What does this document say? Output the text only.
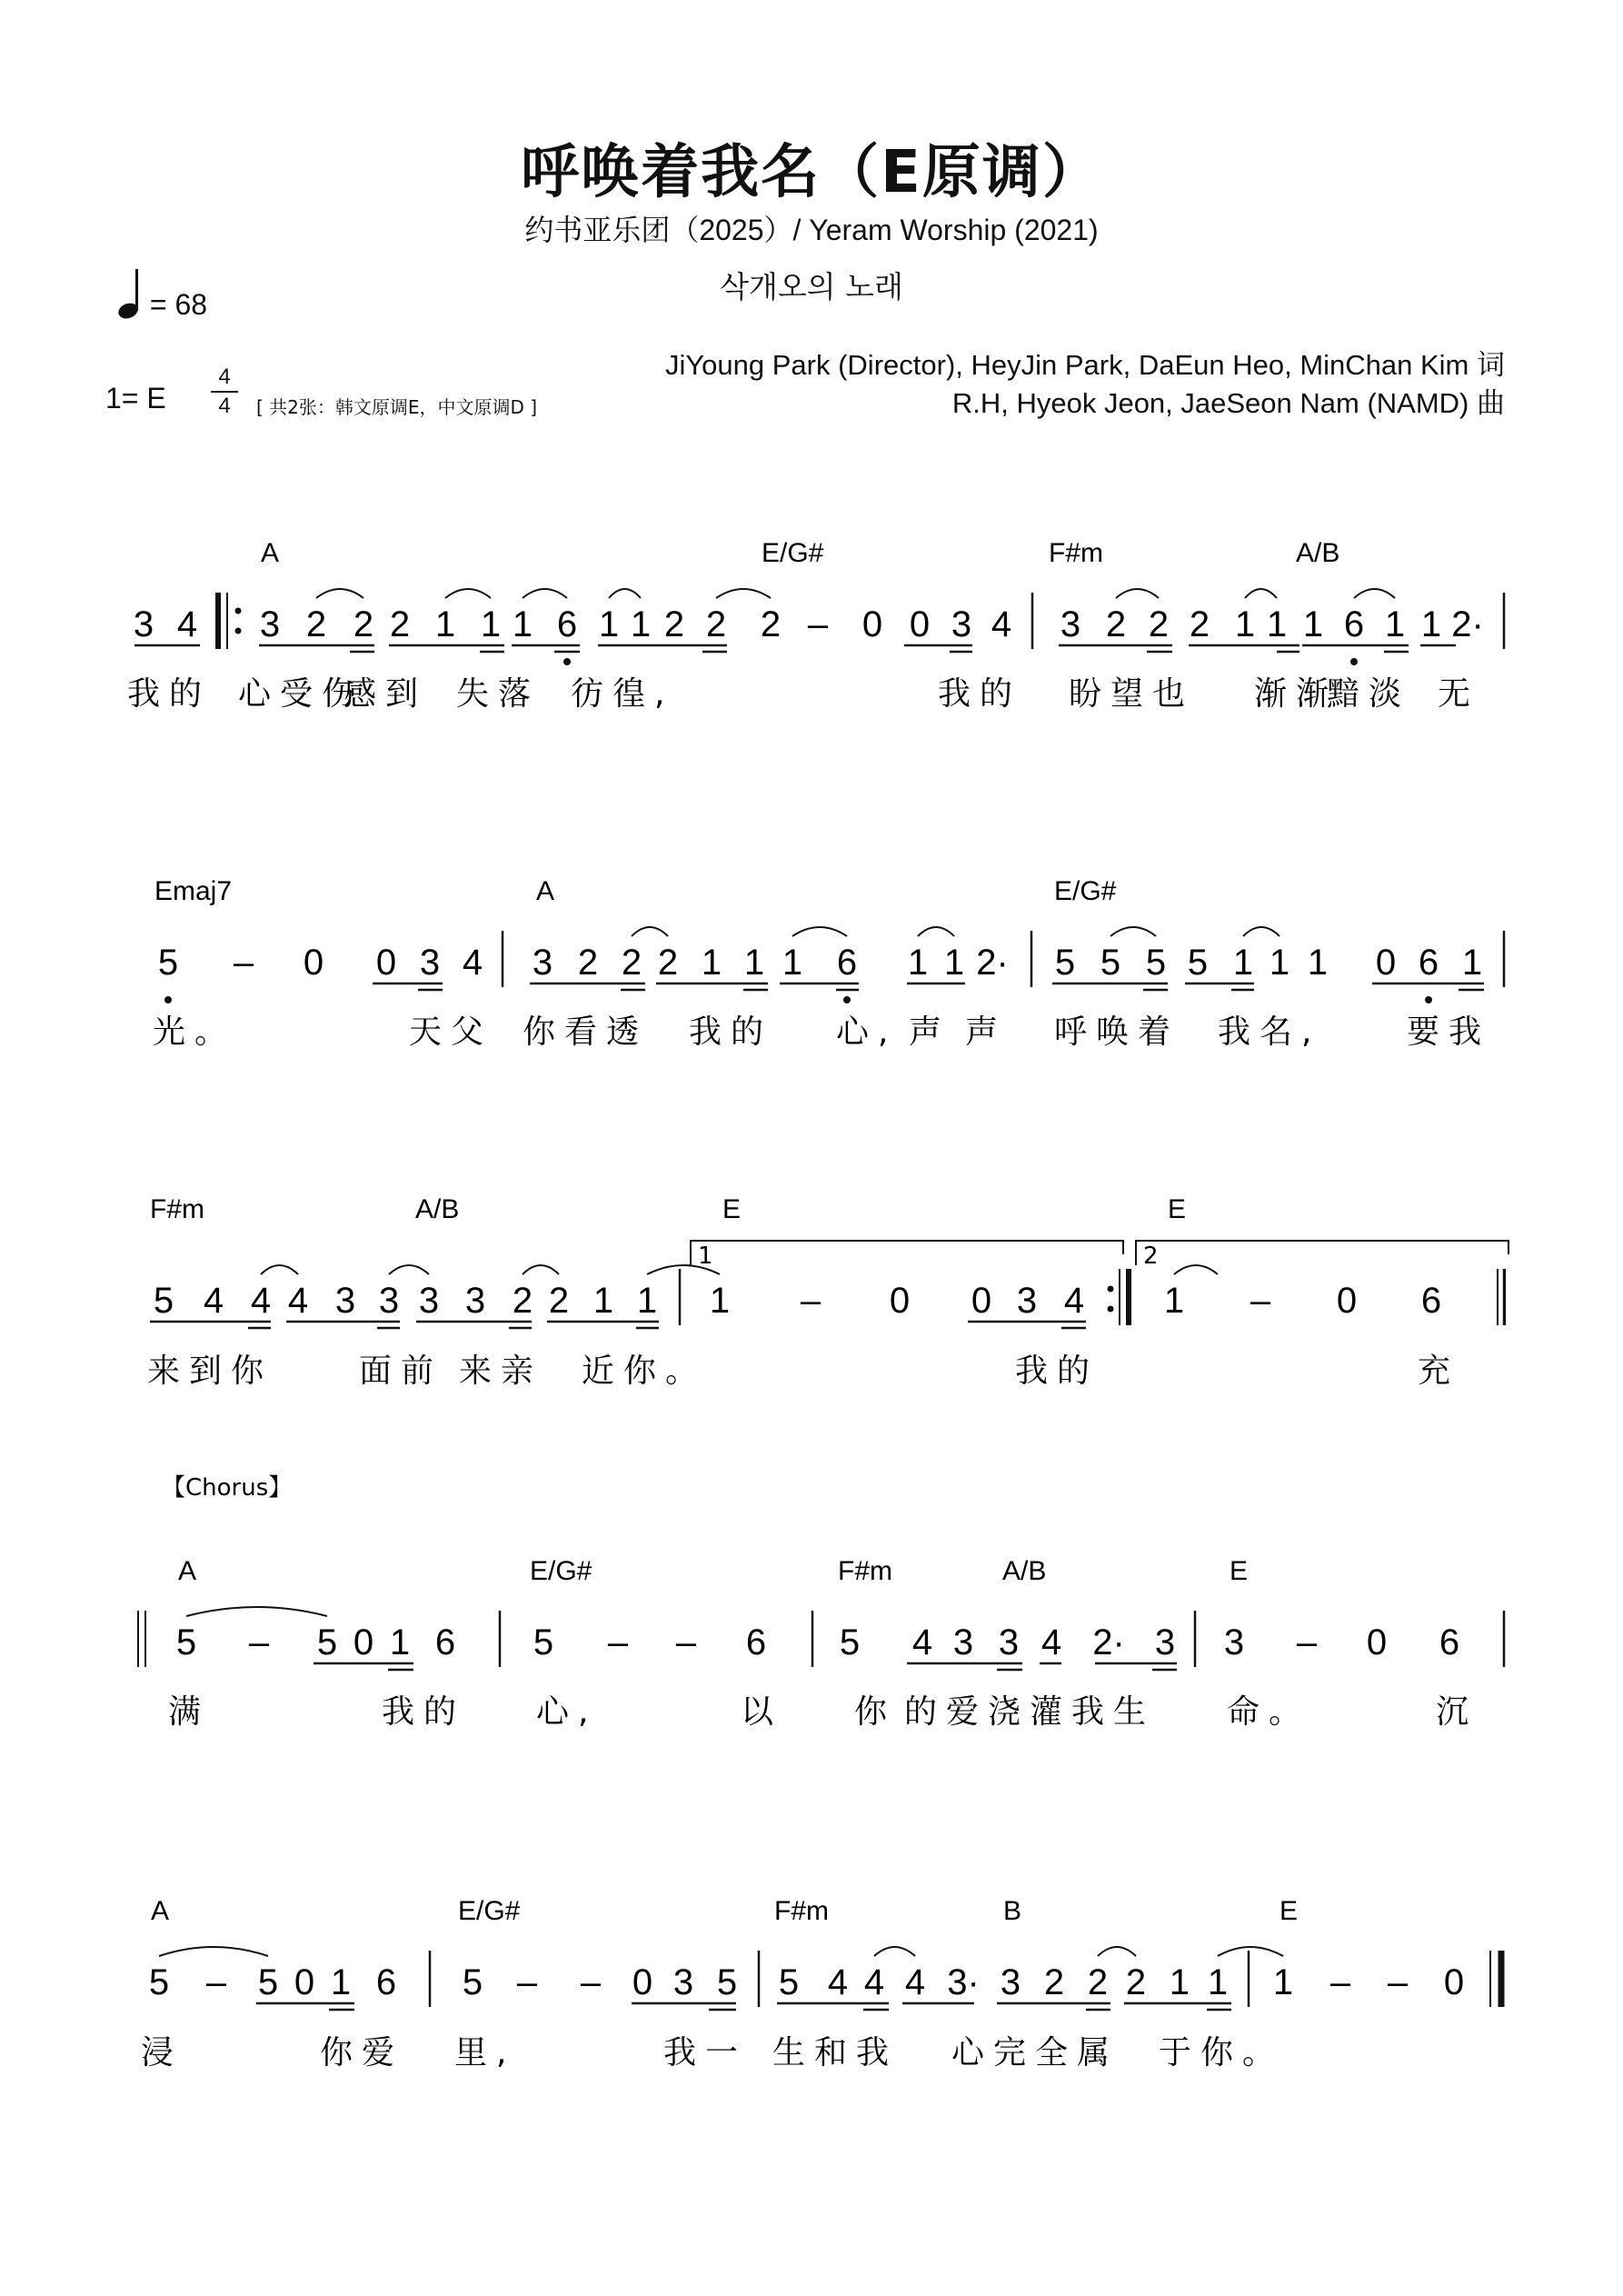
呼唤着我名（E原调）
约书亚乐团（2025）/ Yeram Worship (2021)
삭개오의 노래
= 68
1= E
4
4	[ 共2张：韩文原调E，中文原调D ]
JiYoung Park (Director), HeyJin Park, DaEun Heo, MinChan Kim 词
R.H, Hyeok Jeon, JaeSeon Nam (NAMD) 曲
【Chorus】
1	2
A	E/G#	F#m	A/B
3 4 3 2 2 2 1 1 1 6 1 1 2 2 2 – 0 0 3 4 3 2 2 2 1 1 1 6 1 1 2·
我的 心受伤
感到 失落 彷徨,	我的 盼望也 渐渐
黯淡 无
Emaj7	A	E/G#
5 – 0 0 3 4 3 2 2 2 1 1 1 6 1 1 2· 5 5 5 5 1 1 1 0 6 1
光。	天父 你看透 我的 心, 声 声 呼唤着 我名,	要我
F#m	A/B	E	E
5 4 4 4 3 3 3 3 2 2 1 1 1 – 0 0 3 4 1 – 0 6
来到你	面前 来亲 近你。	我的	充
A	E/G#	F#m	A/B	E
5 – 5 0 1 6 5 – – 6 5 4 3 3 4 2· 3 3 – 0 6
满	我的 心,	以 你 的爱浇灌我生 命。	沉
A	E/G#	F#m	B	E
5 – 5 0 1 6 5 – – 0 3 5 5 4 4 4 3· 3 2 2 2 1 1 1 – – 0
浸	你爱 里,	我一 生和我 心完全属 于你。
